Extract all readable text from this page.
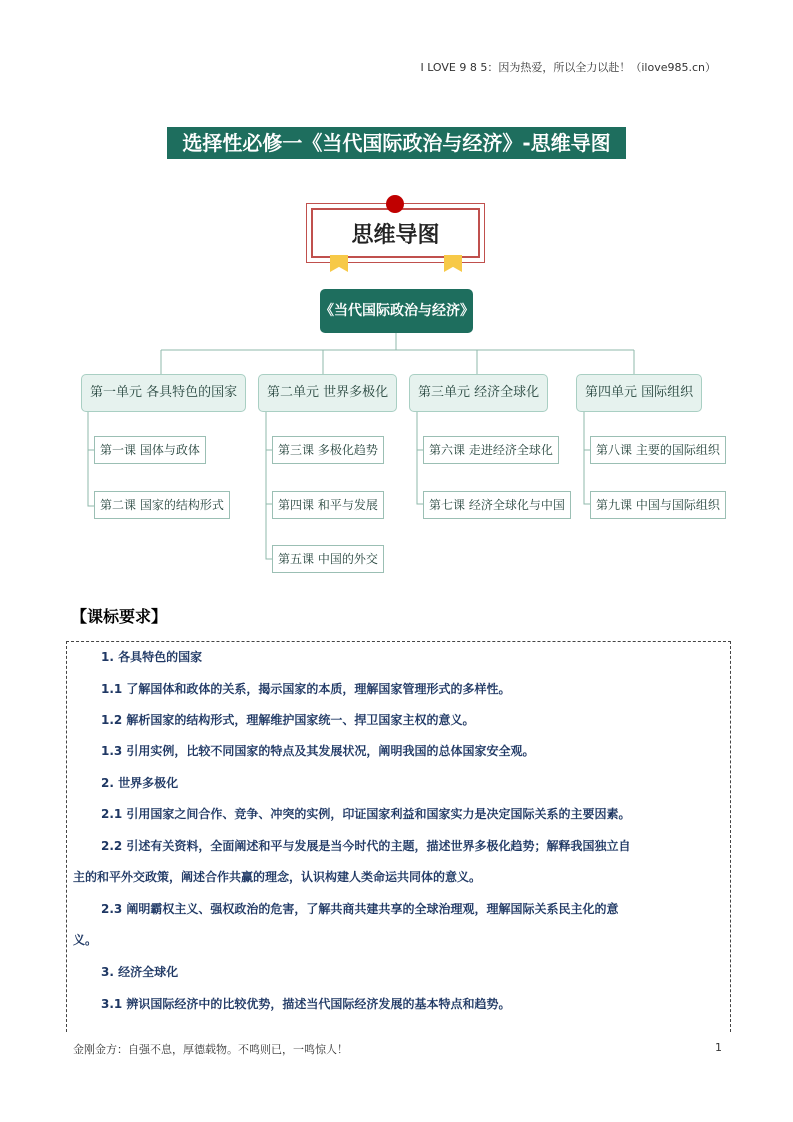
I LOVE 9 8 5：因为热爱，所以全力以赴！（ilove985.cn）
选择性必修一《当代国际政治与经济》-思维导图
思维导图
《当代国际政治与经济》
第一单元 各具特色的国家	第二单元 世界多极化	第三单元 经济全球化	第四单元 国际组织
第一课 国体与政体
第二课 国家的结构形式
第三课 多极化趋势
第四课 和平与发展
第五课 中国的外交
第六课 走进经济全球化
第七课 经济全球化与中国
第八课 主要的国际组织
第九课 中国与国际组织
【课标要求】
1. 各具特色的国家
1.1 了解国体和政体的关系，揭示国家的本质，理解国家管理形式的多样性。
1.2 解析国家的结构形式，理解维护国家统一、捍卫国家主权的意义。
1.3 引用实例，比较不同国家的特点及其发展状况，阐明我国的总体国家安全观。
2. 世界多极化
2.1 引用国家之间合作、竞争、冲突的实例，印证国家利益和国家实力是决定国际关系的主要因素。
2.2 引述有关资料，全面阐述和平与发展是当今时代的主题，描述世界多极化趋势；解释我国独立自
主的和平外交政策，阐述合作共赢的理念，认识构建人类命运共同体的意义。
2.3 阐明霸权主义、强权政治的危害，了解共商共建共享的全球治理观，理解国际关系民主化的意
义。
3. 经济全球化
3.1 辨识国际经济中的比较优势，描述当代国际经济发展的基本特点和趋势。
金刚金方：自强不息，厚德载物。不鸣则已，一鸣惊人！	1
